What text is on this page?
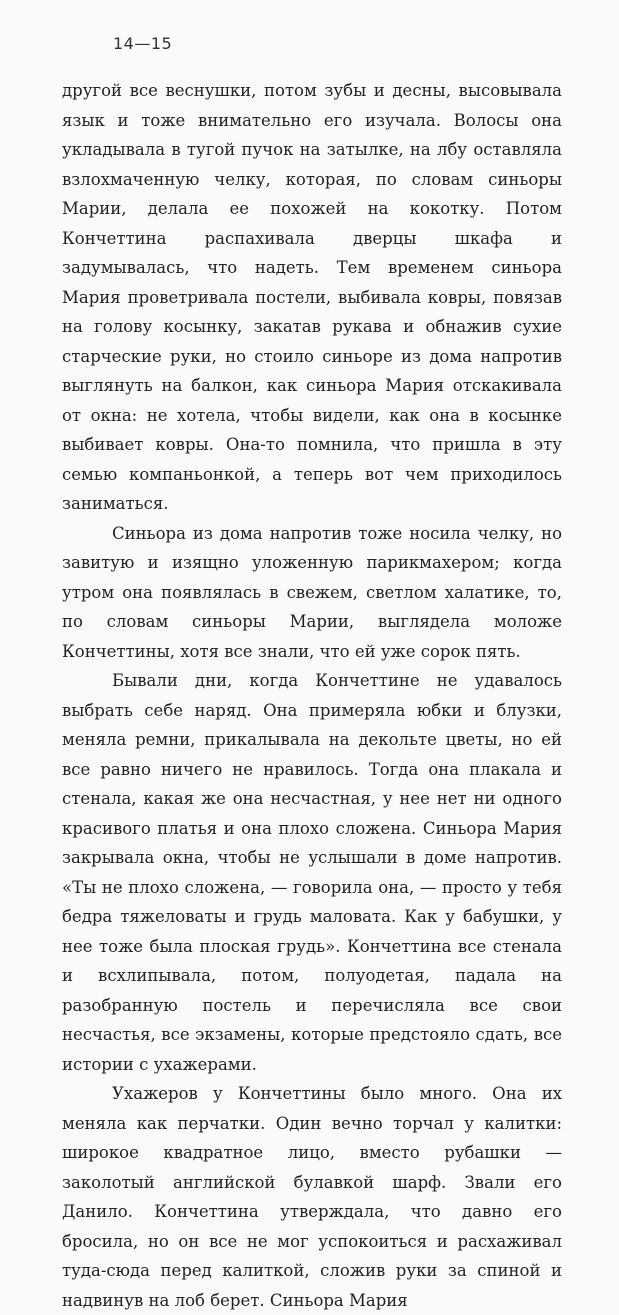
14—15

другой все веснушки, потом зубы и десны, высовывала язык и тоже внимательно его изучала. Волосы она укладывала в тугой пучок на затылке, на лбу оставляла взлохмаченную челку, которая, по словам синьоры Марии, делала ее похожей на кокотку. Потом Кончеттина распахивала дверцы шкафа и задумывалась, что надеть. Тем временем синьора Мария проветривала постели, выбивала ковры, повязав на голову косынку, закатав рукава и обнажив сухие старческие руки, но стоило синьоре из дома напротив выглянуть на балкон, как синьора Мария отскакивала от окна: не хотела, чтобы видели, как она в косынке выбивает ковры. Она-то помнила, что пришла в эту семью компаньонкой, а теперь вот чем приходилось заниматься.

Синьора из дома напротив тоже носила челку, но завитую и изящно уложенную парикмахером; когда утром она появлялась в свежем, светлом халатике, то, по словам синьоры Марии, выглядела моложе Кончеттины, хотя все знали, что ей уже сорок пять.

Бывали дни, когда Кончеттине не удавалось выбрать себе наряд. Она примеряла юбки и блузки, меняла ремни, прикалывала на декольте цветы, но ей все равно ничего не нравилось. Тогда она плакала и стенала, какая же она несчастная, у нее нет ни одного красивого платья и она плохо сложена. Синьора Мария закрывала окна, чтобы не услышали в доме напротив. «Ты не плохо сложена, — говорила она, — просто у тебя бедра тяжеловаты и грудь маловата. Как у бабушки, у нее тоже была плоская грудь». Кончеттина все стенала и всхлипывала, потом, полуодетая, падала на разобранную постель и перечисляла все свои несчастья, все экзамены, которые предстояло сдать, все истории с ухажерами.

Ухажеров у Кончеттины было много. Она их меняла как перчатки. Один вечно торчал у калитки: широкое квадратное лицо, вместо рубашки — заколотый английской булавкой шарф. Звали его Данило. Кончеттина утверждала, что давно его бросила, но он все не мог успокоиться и расхаживал туда-сюда перед калиткой, сложив руки за спиной и надвинув на лоб берет. Синьора Мария
